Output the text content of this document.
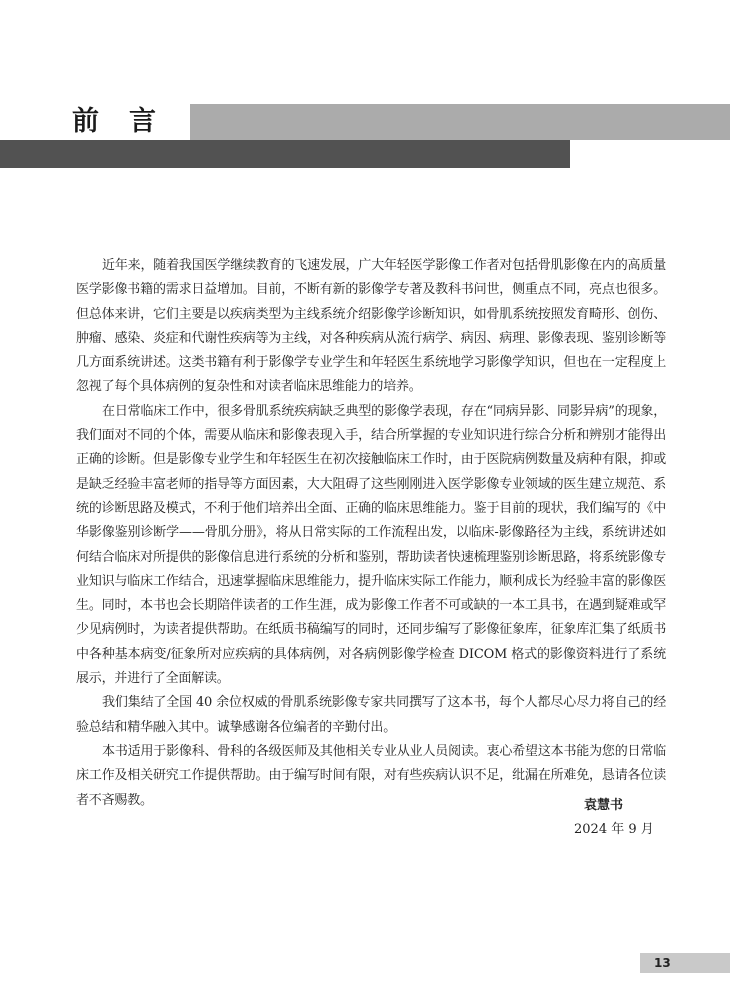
前言

近年来，随着我国医学继续教育的飞速发展，广大年轻医学影像工作者对包括骨肌影像在内的高质量医学影像书籍的需求日益增加。目前，不断有新的影像学专著及教科书问世，侧重点不同，亮点也很多。但总体来讲，它们主要是以疾病类型为主线系统介绍影像学诊断知识，如骨肌系统按照发育畸形、创伤、肿瘤、感染、炎症和代谢性疾病等为主线，对各种疾病从流行病学、病因、病理、影像表现、鉴别诊断等几方面系统讲述。这类书籍有利于影像学专业学生和年轻医生系统地学习影像学知识，但也在一定程度上忽视了每个具体病例的复杂性和对读者临床思维能力的培养。

在日常临床工作中，很多骨肌系统疾病缺乏典型的影像学表现，存在“同病异影、同影异病”的现象，我们面对不同的个体，需要从临床和影像表现入手，结合所掌握的专业知识进行综合分析和辨别才能得出正确的诊断。但是影像专业学生和年轻医生在初次接触临床工作时，由于医院病例数量及病种有限，抑或是缺乏经验丰富老师的指导等方面因素，大大阻碍了这些刚刚进入医学影像专业领域的医生建立规范、系统的诊断思路及模式，不利于他们培养出全面、正确的临床思维能力。鉴于目前的现状，我们编写的《中华影像鉴别诊断学——骨肌分册》，将从日常实际的工作流程出发，以临床-影像路径为主线，系统讲述如何结合临床对所提供的影像信息进行系统的分析和鉴别，帮助读者快速梳理鉴别诊断思路，将系统影像专业知识与临床工作结合，迅速掌握临床思维能力，提升临床实际工作能力，顺利成长为经验丰富的影像医生。同时，本书也会长期陪伴读者的工作生涯，成为影像工作者不可或缺的一本工具书，在遇到疑难或罕少见病例时，为读者提供帮助。在纸质书稿编写的同时，还同步编写了影像征象库，征象库汇集了纸质书中各种基本病变/征象所对应疾病的具体病例，对各病例影像学检查 DICOM 格式的影像资料进行了系统展示，并进行了全面解读。

我们集结了全国 40 余位权威的骨肌系统影像专家共同撰写了这本书，每个人都尽心尽力将自己的经验总结和精华融入其中。诚挚感谢各位编者的辛勤付出。

本书适用于影像科、骨科的各级医师及其他相关专业从业人员阅读。衷心希望这本书能为您的日常临床工作及相关研究工作提供帮助。由于编写时间有限，对有些疾病认识不足，纰漏在所难免，恳请各位读者不吝赐教。	袁慧书
2024 年 9 月
13
